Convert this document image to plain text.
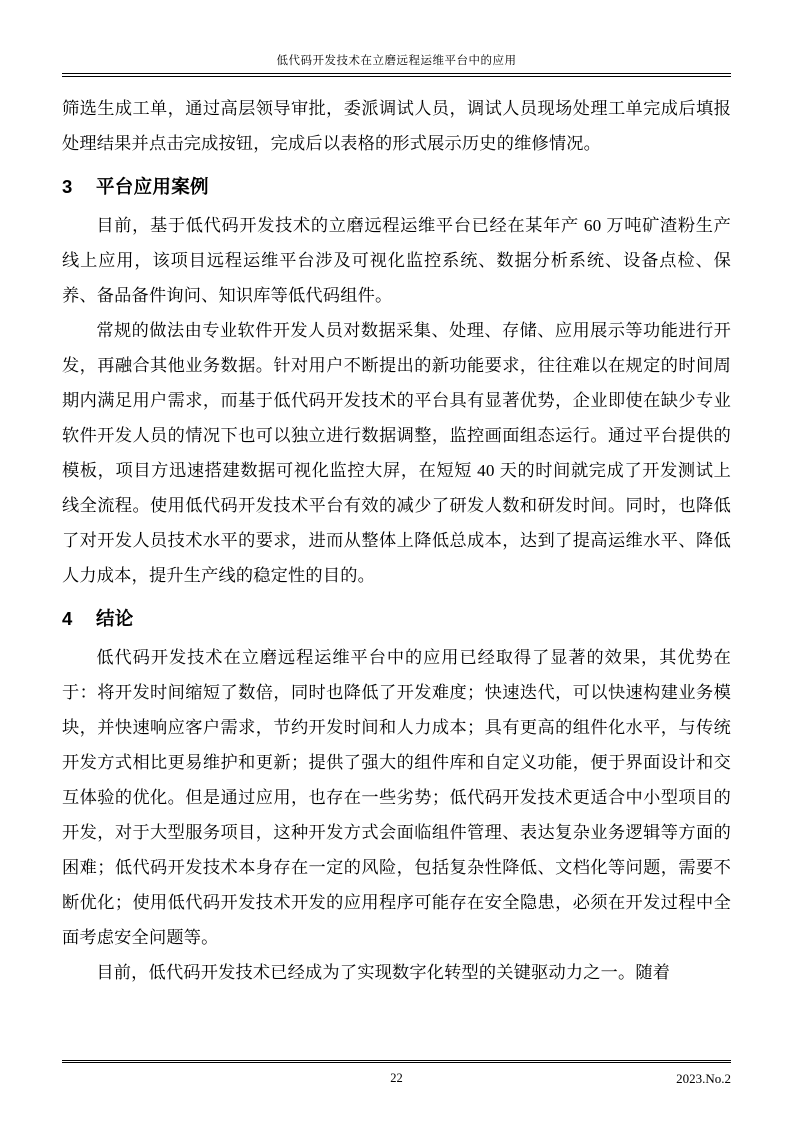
低代码开发技术在立磨远程运维平台中的应用

筛选生成工单，通过高层领导审批，委派调试人员，调试人员现场处理工单完成后填报处理结果并点击完成按钮，完成后以表格的形式展示历史的维修情况。

3 平台应用案例

目前，基于低代码开发技术的立磨远程运维平台已经在某年产 60 万吨矿渣粉生产线上应用，该项目远程运维平台涉及可视化监控系统、数据分析系统、设备点检、保养、备品备件询问、知识库等低代码组件。

常规的做法由专业软件开发人员对数据采集、处理、存储、应用展示等功能进行开发，再融合其他业务数据。针对用户不断提出的新功能要求，往往难以在规定的时间周期内满足用户需求，而基于低代码开发技术的平台具有显著优势，企业即使在缺少专业软件开发人员的情况下也可以独立进行数据调整，监控画面组态运行。通过平台提供的模板，项目方迅速搭建数据可视化监控大屏，在短短 40 天的时间就完成了开发测试上线全流程。使用低代码开发技术平台有效的减少了研发人数和研发时间。同时，也降低了对开发人员技术水平的要求，进而从整体上降低总成本，达到了提高运维水平、降低人力成本，提升生产线的稳定性的目的。

4 结论

低代码开发技术在立磨远程运维平台中的应用已经取得了显著的效果，其优势在于：将开发时间缩短了数倍，同时也降低了开发难度；快速迭代，可以快速构建业务模块，并快速响应客户需求，节约开发时间和人力成本；具有更高的组件化水平，与传统开发方式相比更易维护和更新；提供了强大的组件库和自定义功能，便于界面设计和交互体验的优化。但是通过应用，也存在一些劣势；低代码开发技术更适合中小型项目的开发，对于大型服务项目，这种开发方式会面临组件管理、表达复杂业务逻辑等方面的困难；低代码开发技术本身存在一定的风险，包括复杂性降低、文档化等问题，需要不断优化；使用低代码开发技术开发的应用程序可能存在安全隐患，必须在开发过程中全面考虑安全问题等。

目前，低代码开发技术已经成为了实现数字化转型的关键驱动力之一。随着

22	2023.No.2
